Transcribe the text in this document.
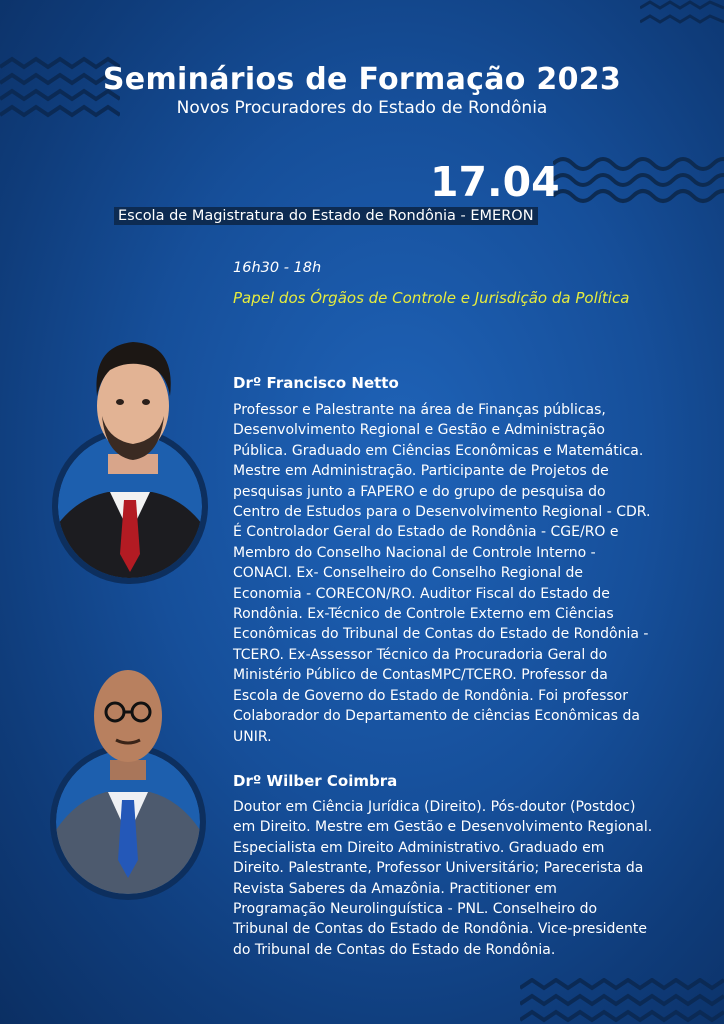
Seminários de Formação 2023
Novos Procuradores do Estado de Rondônia
17.04
Escola de Magistratura do Estado de Rondônia - EMERON
16h30 - 18h
Papel dos Órgãos de Controle e Jurisdição da Política
Drº Francisco Netto

Professor e Palestrante na área de Finanças públicas, Desenvolvimento Regional e Gestão e Administração Pública. Graduado em Ciências Econômicas e Matemática. Mestre em Administração. Participante de Projetos de pesquisas junto a FAPERO e do grupo de pesquisa do Centro de Estudos para o Desenvolvimento Regional - CDR. É Controlador Geral do Estado de Rondônia - CGE/RO e Membro do Conselho Nacional de Controle Interno - CONACI. Ex- Conselheiro do Conselho Regional de Economia - CORECON/RO. Auditor Fiscal do Estado de Rondônia. Ex-Técnico de Controle Externo em Ciências Econômicas do Tribunal de Contas do Estado de Rondônia - TCERO. Ex-Assessor Técnico da Procuradoria Geral do Ministério Público de ContasMPC/TCERO. Professor da Escola de Governo do Estado de Rondônia. Foi professor Colaborador do Departamento de ciências Econômicas da UNIR.

Drº Wilber Coimbra

Doutor em Ciência Jurídica (Direito). Pós-doutor (Postdoc) em Direito. Mestre em Gestão e Desenvolvimento Regional. Especialista em Direito Administrativo. Graduado em Direito. Palestrante, Professor Universitário; Parecerista da Revista Saberes da Amazônia. Practitioner em Programação Neurolinguística - PNL. Conselheiro do Tribunal de Contas do Estado de Rondônia. Vice-presidente do Tribunal de Contas do Estado de Rondônia.
